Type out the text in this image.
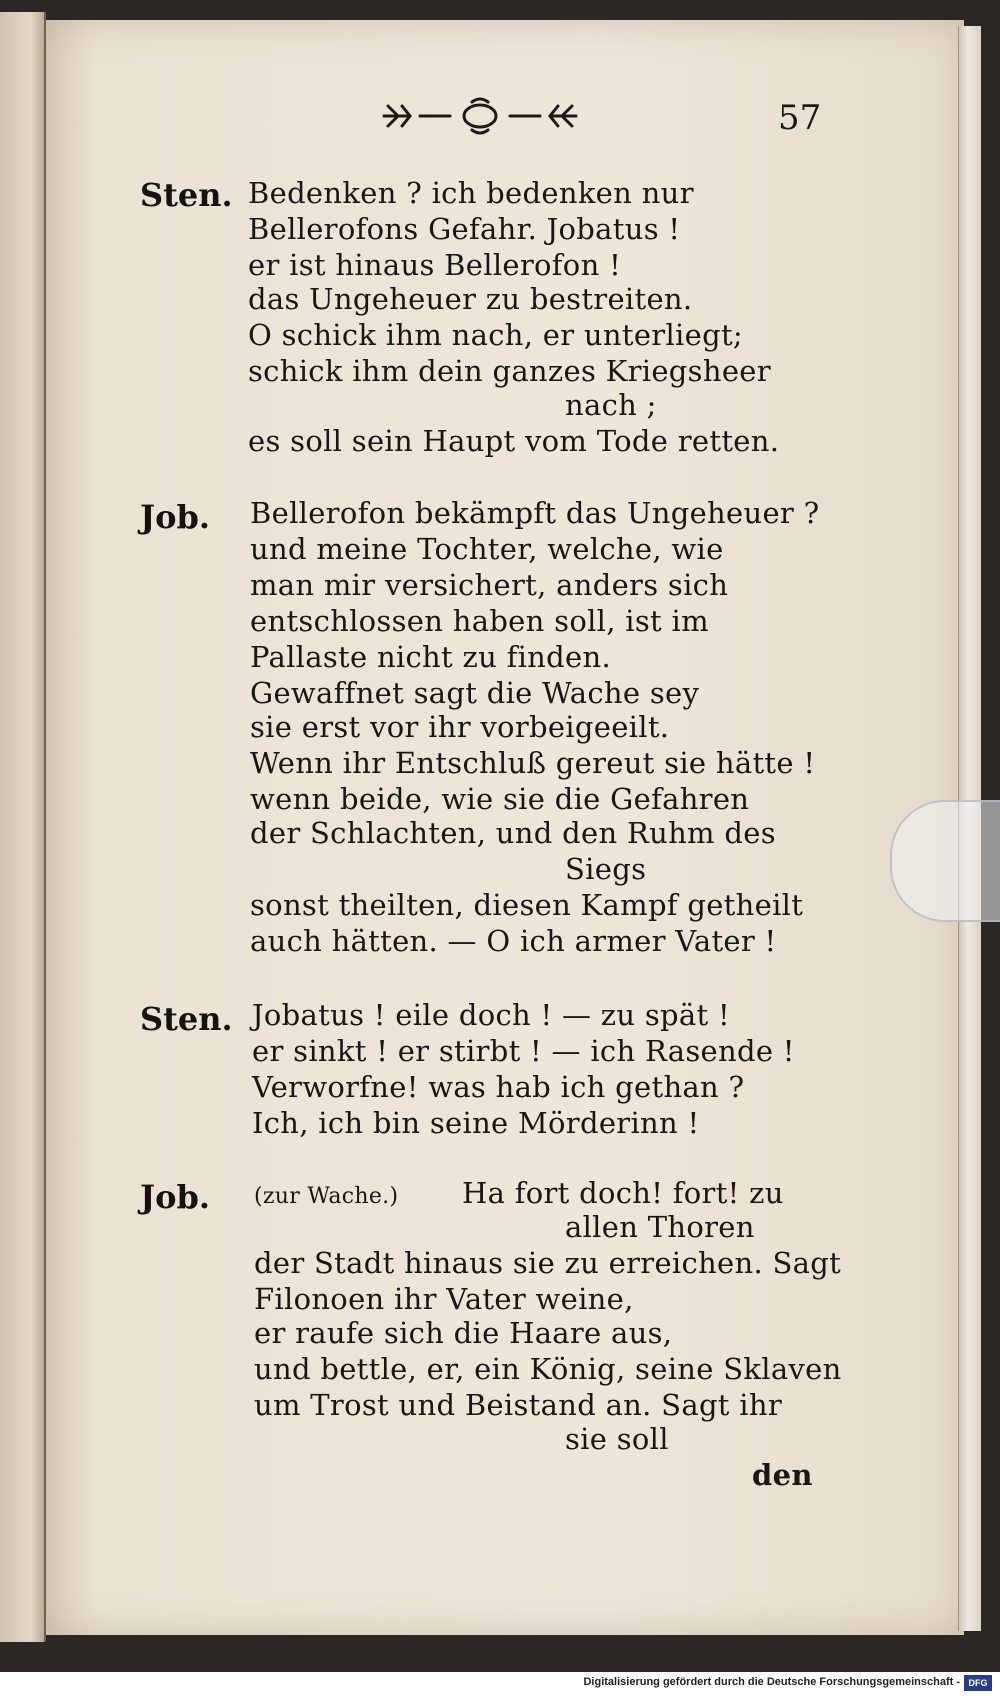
57
Sten. Bedenken ? ich bedenken nur
Bellerofons Gefahr. Jobatus !
er ist hinaus Bellerofon !
das Ungeheuer zu bestreiten.
O schick ihm nach, er unterliegt;
schick ihm dein ganzes Kriegsheer
nach ;
es soll sein Haupt vom Tode retten.
Job. Bellerofon bekämpft das Ungeheuer ?
und meine Tochter, welche, wie
man mir versichert, anders sich
entschlossen haben soll, ist im
Pallaste nicht zu finden.
Gewaffnet sagt die Wache sey
sie erst vor ihr vorbeigeeilt.
Wenn ihr Entschluß gereut sie hätte !
wenn beide, wie sie die Gefahren
der Schlachten, und den Ruhm des
Siegs
sonst theilten, diesen Kampf getheilt
auch hätten. — O ich armer Vater !
Sten. Jobatus ! eile doch ! — zu spät !
er sinkt ! er stirbt ! — ich Rasende !
Verworfne! was hab ich gethan ?
Ich, ich bin seine Mörderinn !
Job. (zur Wache.) Ha fort doch! fort! zu
allen Thoren
der Stadt hinaus sie zu erreichen. Sagt
Filonoen ihr Vater weine,
er raufe sich die Haare aus,
und bettle, er, ein König, seine Sklaven
um Trost und Beistand an. Sagt ihr
sie soll
den
Digitalisierung gefördert durch die Deutsche Forschungsgemeinschaft - DFG
